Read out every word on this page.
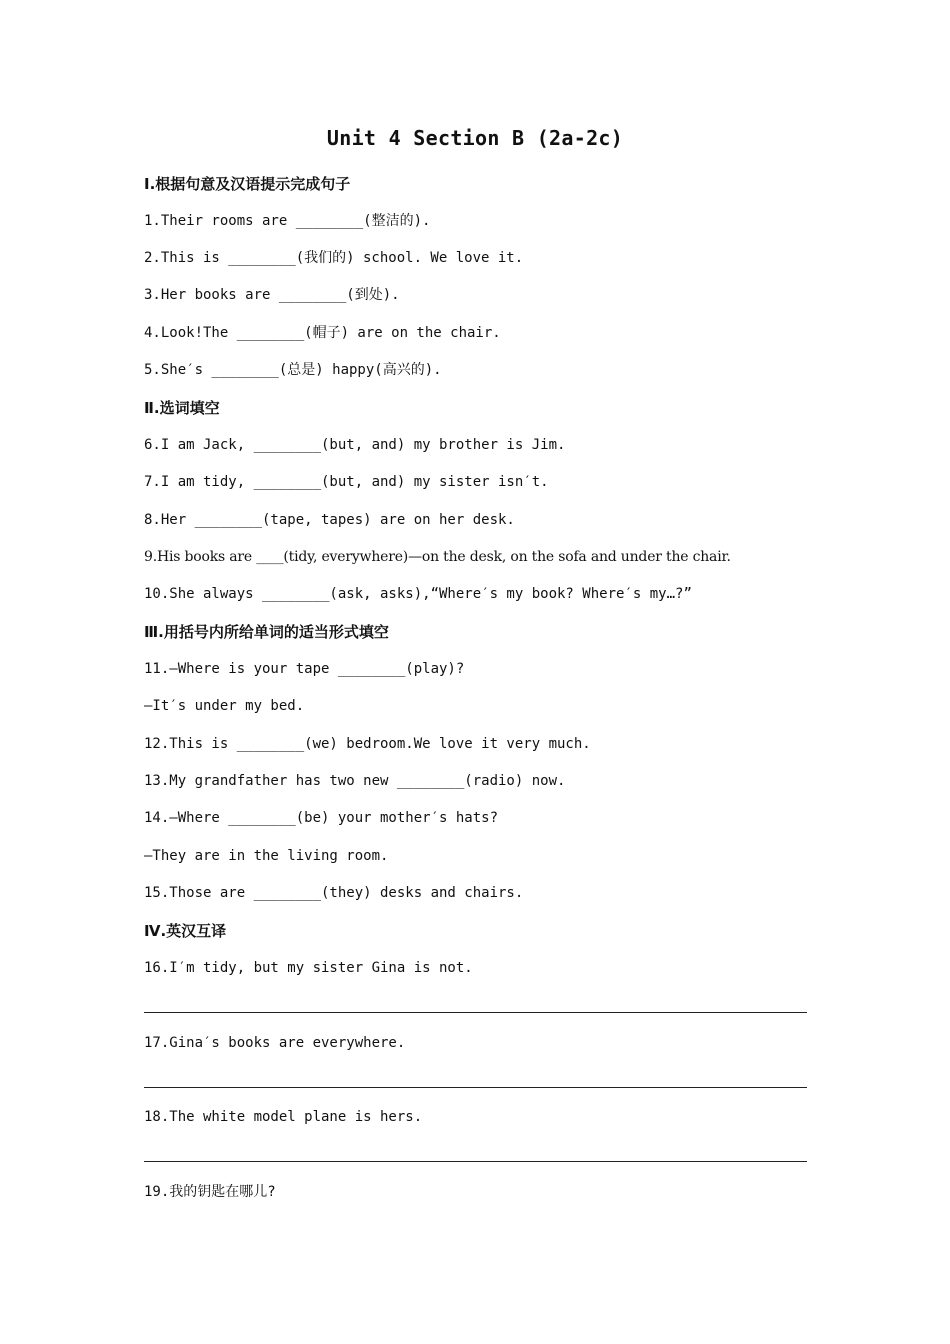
Unit 4 Section B (2a-2c)
Ⅰ.根据句意及汉语提示完成句子
1.Their rooms are ________(整洁的).
2.This is ________(我们的) school. We love it.
3.Her books are ________(到处).
4.Look!The ________(帽子) are on the chair.
5.She′s ________(总是) happy(高兴的).
Ⅱ.选词填空
6.I am Jack, ________(but, and) my brother is Jim.
7.I am tidy, ________(but, and) my sister isn′t.
8.Her ________(tape, tapes) are on her desk.
9.His books are ____(tidy, everywhere)—on the desk, on the sofa and under the chair.
10.She always ________(ask, asks),“Where′s my book? Where′s my…?”
Ⅲ.用括号内所给单词的适当形式填空
11.—Where is your tape ________(play)?
—It′s under my bed.
12.This is ________(we) bedroom.We love it very much.
13.My grandfather has two new ________(radio) now.
14.—Where ________(be) your mother′s hats?
—They are in the living room.
15.Those are ________(they) desks and chairs.
Ⅳ.英汉互译
16.I′m tidy, but my sister Gina is not.
17.Gina′s books are everywhere.
18.The white model plane is hers.
19.我的钥匙在哪儿?
